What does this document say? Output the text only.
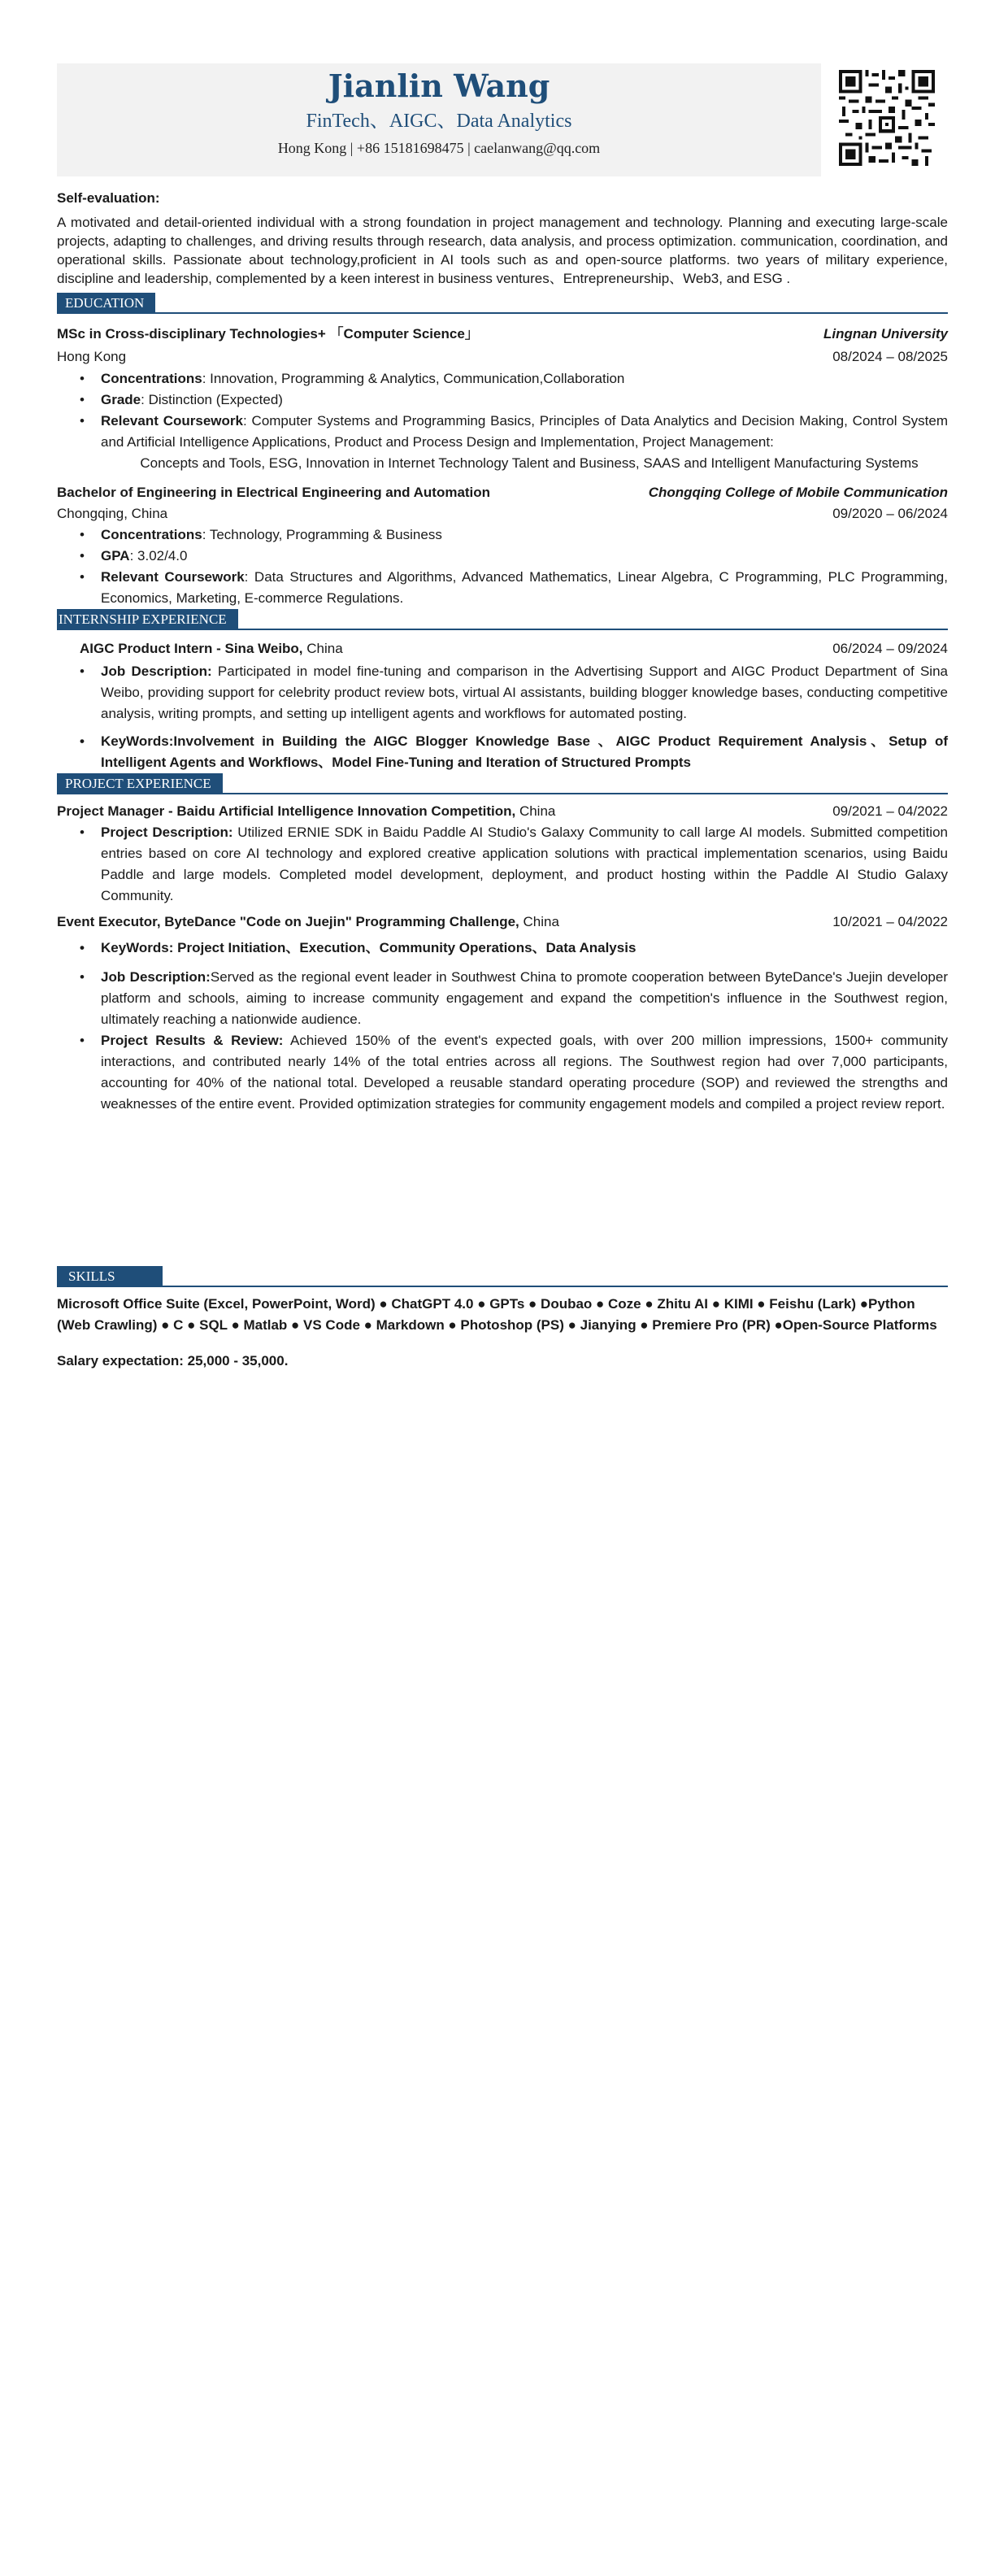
Jianlin Wang
FinTech、AIGC、Data Analytics
Hong Kong | +86 15181698475 | caelanwang@qq.com
Self-evaluation:
A motivated and detail-oriented individual with a strong foundation in project management and technology. Planning and executing large-scale projects, adapting to challenges, and driving results through research, data analysis, and process optimization. communication, coordination, and operational skills. Passionate about technology,proficient in AI tools such as and open-source platforms. two years of military experience, discipline and leadership, complemented by a keen interest in business ventures、Entrepreneurship、Web3, and ESG .
EDUCATION
MSc in Cross-disciplinary Technologies+ 「Computer Science」	Lingnan University
Hong Kong	08/2024 – 08/2025
• Concentrations: Innovation, Programming & Analytics, Communication,Collaboration
• Grade: Distinction (Expected)
• Relevant Coursework: Computer Systems and Programming Basics, Principles of Data Analytics and Decision Making, Control System and Artificial Intelligence Applications, Product and Process Design and Implementation, Project Management:
Concepts and Tools, ESG, Innovation in Internet Technology Talent and Business, SAAS and Intelligent Manufacturing Systems
Bachelor of Engineering in Electrical Engineering and Automation	Chongqing College of Mobile Communication
Chongqing, China	09/2020 – 06/2024
• Concentrations: Technology, Programming & Business
• GPA: 3.02/4.0
• Relevant Coursework: Data Structures and Algorithms, Advanced Mathematics, Linear Algebra, C Programming, PLC Programming, Economics, Marketing, E-commerce Regulations.
INTERNSHIP EXPERIENCE
AIGC Product Intern - Sina Weibo, China	06/2024 – 09/2024
• Job Description: Participated in model fine-tuning and comparison in the Advertising Support and AIGC Product Department of Sina Weibo, providing support for celebrity product review bots, virtual AI assistants, building blogger knowledge bases, conducting competitive analysis, writing prompts, and setting up intelligent agents and workflows for automated posting.
• KeyWords:Involvement in Building the AIGC Blogger Knowledge Base 、AIGC Product Requirement Analysis、Setup of Intelligent Agents and Workflows、Model Fine-Tuning and Iteration of Structured Prompts
PROJECT EXPERIENCE
Project Manager - Baidu Artificial Intelligence Innovation Competition, China	09/2021 – 04/2022
• Project Description: Utilized ERNIE SDK in Baidu Paddle AI Studio's Galaxy Community to call large AI models. Submitted competition entries based on core AI technology and explored creative application solutions with practical implementation scenarios, using Baidu Paddle and large models. Completed model development, deployment, and product hosting within the Paddle AI Studio Galaxy Community.
Event Executor, ByteDance "Code on Juejin" Programming Challenge, China	10/2021 – 04/2022
• KeyWords: Project Initiation、Execution、Community Operations、Data Analysis
• Job Description:Served as the regional event leader in Southwest China to promote cooperation between ByteDance's Juejin developer platform and schools, aiming to increase community engagement and expand the competition's influence in the Southwest region, ultimately reaching a nationwide audience.
• Project Results & Review: Achieved 150% of the event's expected goals, with over 200 million impressions, 1500+ community interactions, and contributed nearly 14% of the total entries across all regions. The Southwest region had over 7,000 participants, accounting for 40% of the national total. Developed a reusable standard operating procedure (SOP) and reviewed the strengths and weaknesses of the entire event. Provided optimization strategies for community engagement models and compiled a project review report.
SKILLS
Microsoft Office Suite (Excel, PowerPoint, Word) ● ChatGPT 4.0 ● GPTs ● Doubao ● Coze ● Zhitu AI ● KIMI ● Feishu (Lark) ●Python (Web Crawling) ● C ● SQL ● Matlab ● VS Code ● Markdown ● Photoshop (PS) ● Jianying ● Premiere Pro (PR) ●Open-Source Platforms
Salary expectation: 25,000 - 35,000.
